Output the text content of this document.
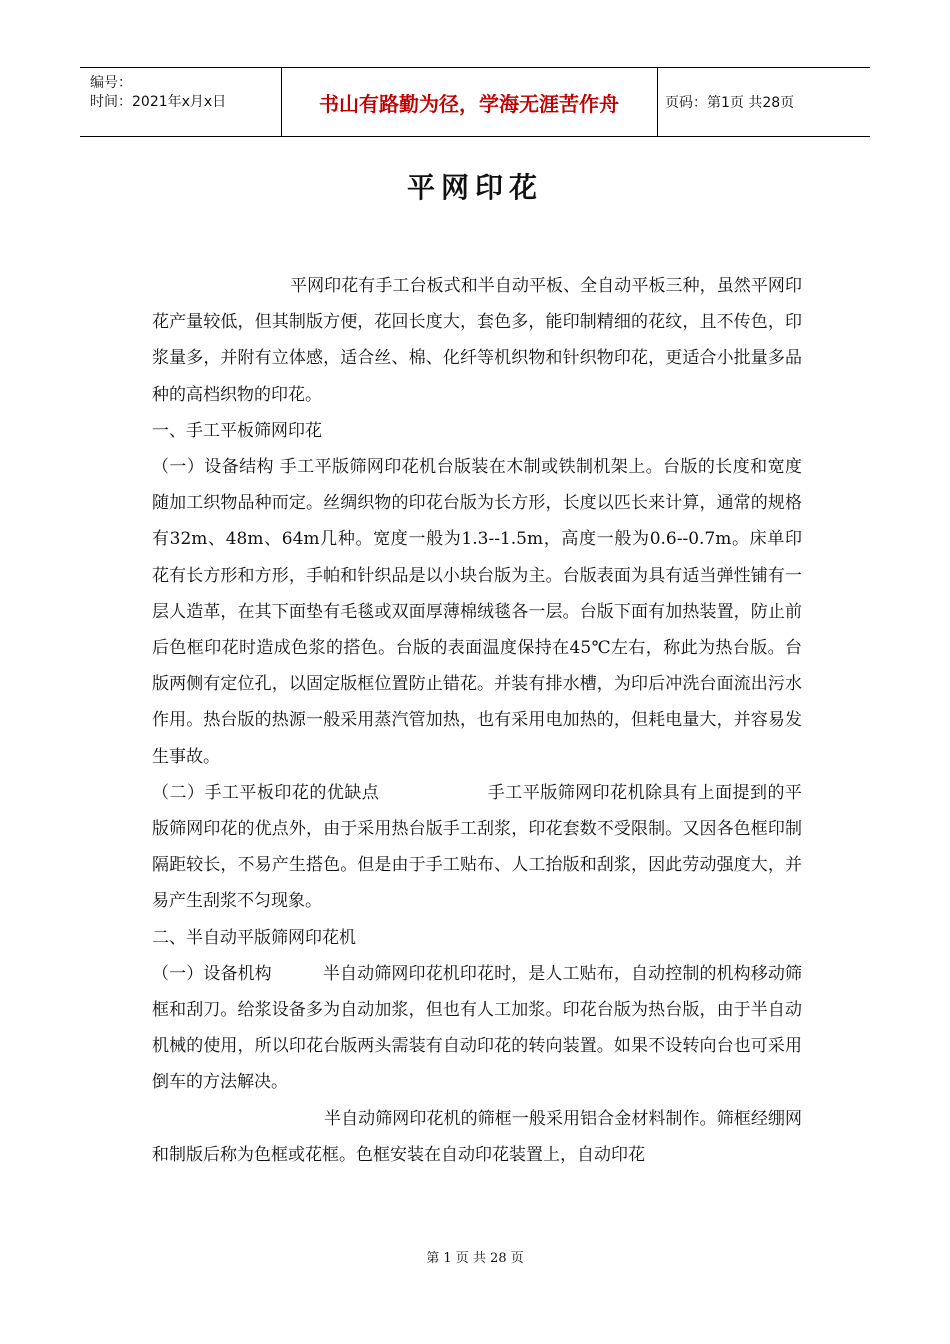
编号：
时间：2021年x月x日	书山有路勤为径，学海无涯苦作舟	页码：第1页 共28页
平网印花

平网印花有手工台板式和半自动平板、全自动平板三种，虽然平网印花产量较低，但其制版方便，花回长度大，套色多，能印制精细的花纹，且不传色，印浆量多，并附有立体感，适合丝、棉、化纤等机织物和针织物印花，更适合小批量多品种的高档织物的印花。

一、手工平板筛网印花

（一）设备结构 手工平版筛网印花机台版装在木制或铁制机架上。台版的长度和宽度随加工织物品种而定。丝绸织物的印花台版为长方形，长度以匹长来计算，通常的规格有32m、48m、64m几种。宽度一般为1.3--1.5m，高度一般为0.6--0.7m。床单印花有长方形和方形，手帕和针织品是以小块台版为主。台版表面为具有适当弹性铺有一层人造革，在其下面垫有毛毯或双面厚薄棉绒毯各一层。台版下面有加热装置，防止前后色框印花时造成色浆的搭色。台版的表面温度保持在45℃左右，称此为热台版。台版两侧有定位孔，以固定版框位置防止错花。并装有排水槽，为印后冲洗台面流出污水作用。热台版的热源一般采用蒸汽管加热，也有采用电加热的，但耗电量大，并容易发生事故。

（二）手工平板印花的优缺点	手工平版筛网印花机除具有上面提到的平版筛网印花的优点外，由于采用热台版手工刮浆，印花套数不受限制。又因各色框印制隔距较长，不易产生搭色。但是由于手工贴布、人工抬版和刮浆，因此劳动强度大，并易产生刮浆不匀现象。

二、半自动平版筛网印花机

（一）设备机构	半自动筛网印花机印花时，是人工贴布，自动控制的机构移动筛框和刮刀。给浆设备多为自动加浆，但也有人工加浆。印花台版为热台版，由于半自动机械的使用，所以印花台版两头需装有自动印花的转向装置。如果不设转向台也可采用倒车的方法解决。

半自动筛网印花机的筛框一般采用铝合金材料制作。筛框经绷网和制版后称为色框或花框。色框安装在自动印花装置上，自动印花

第 1 页 共 28 页
